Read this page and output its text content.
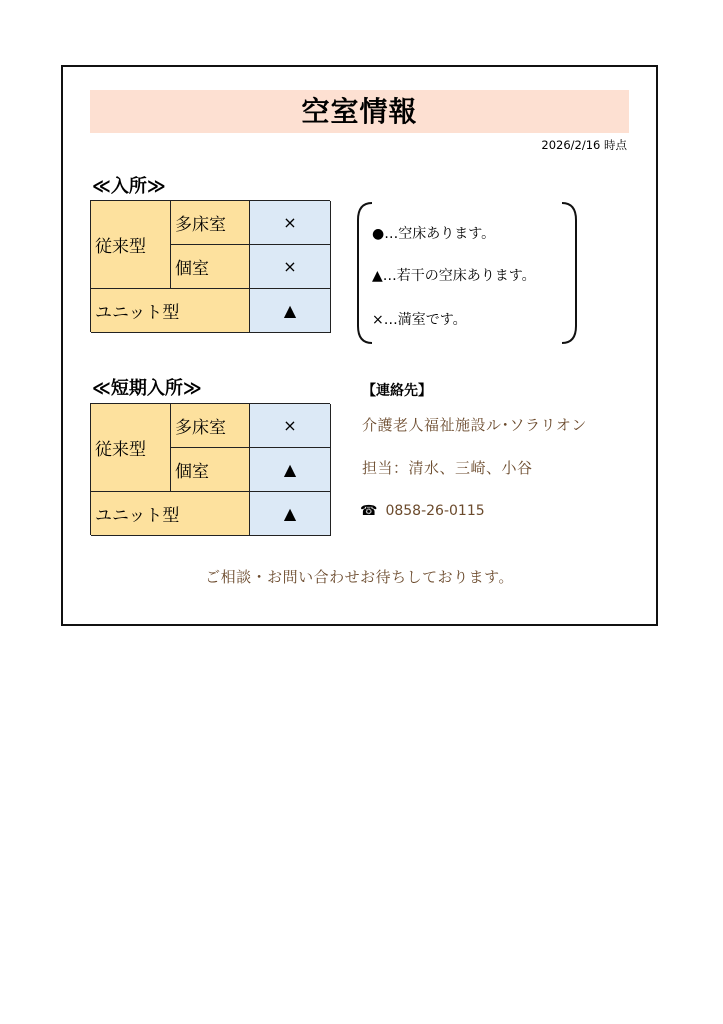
空室情報
2026/2/16 時点
≪入所≫
従来型
多床室
個室
ユニット型
×
×
▲
●…空床あります。
▲…若干の空床あります。
×…満室です。
≪短期入所≫
従来型
多床室
個室
ユニット型
×
▲
▲
【連絡先】
介護老人福祉施設ル･ソラリオン
担当：清水、三崎、小谷
☎ 0858-26-0115
ご相談・お問い合わせお待ちしております。
